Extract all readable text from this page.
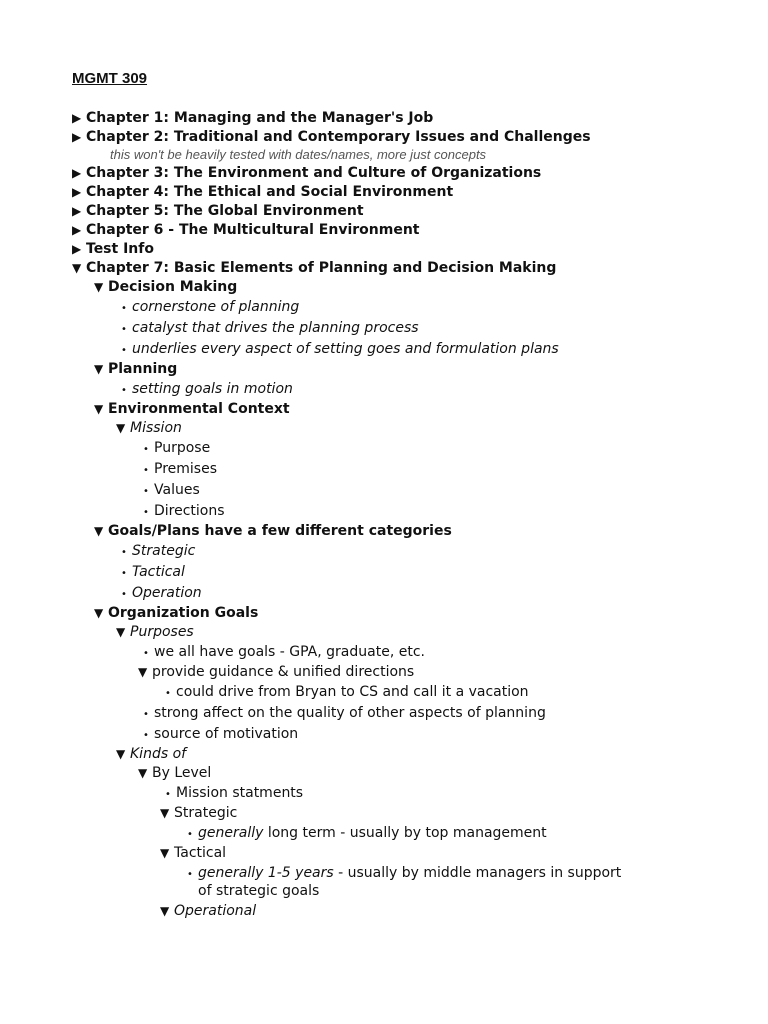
MGMT 309
▶ Chapter 1: Managing and the Manager's Job
▶ Chapter 2: Traditional and Contemporary Issues and Challenges
this won't be heavily tested with dates/names, more just concepts
▶ Chapter 3: The Environment and Culture of Organizations
▶ Chapter 4: The Ethical and Social Environment
▶ Chapter 5: The Global Environment
▶ Chapter 6 - The Multicultural Environment
▶ Test Info
▼ Chapter 7: Basic Elements of Planning and Decision Making
▼ Decision Making
• cornerstone of planning
• catalyst that drives the planning process
• underlies every aspect of setting goes and formulation plans
▼ Planning
• setting goals in motion
▼ Environmental Context
▼ Mission
• Purpose
• Premises
• Values
• Directions
▼ Goals/Plans have a few different categories
• Strategic
• Tactical
• Operation
▼ Organization Goals
▼ Purposes
• we all have goals - GPA, graduate, etc.
▼ provide guidance & unified directions
• could drive from Bryan to CS and call it a vacation
• strong affect on the quality of other aspects of planning
• source of motivation
▼ Kinds of
▼ By Level
• Mission statments
▼ Strategic
• generally long term - usually by top management
▼ Tactical
• generally 1-5 years - usually by middle managers in support of strategic goals
▼ Operational
